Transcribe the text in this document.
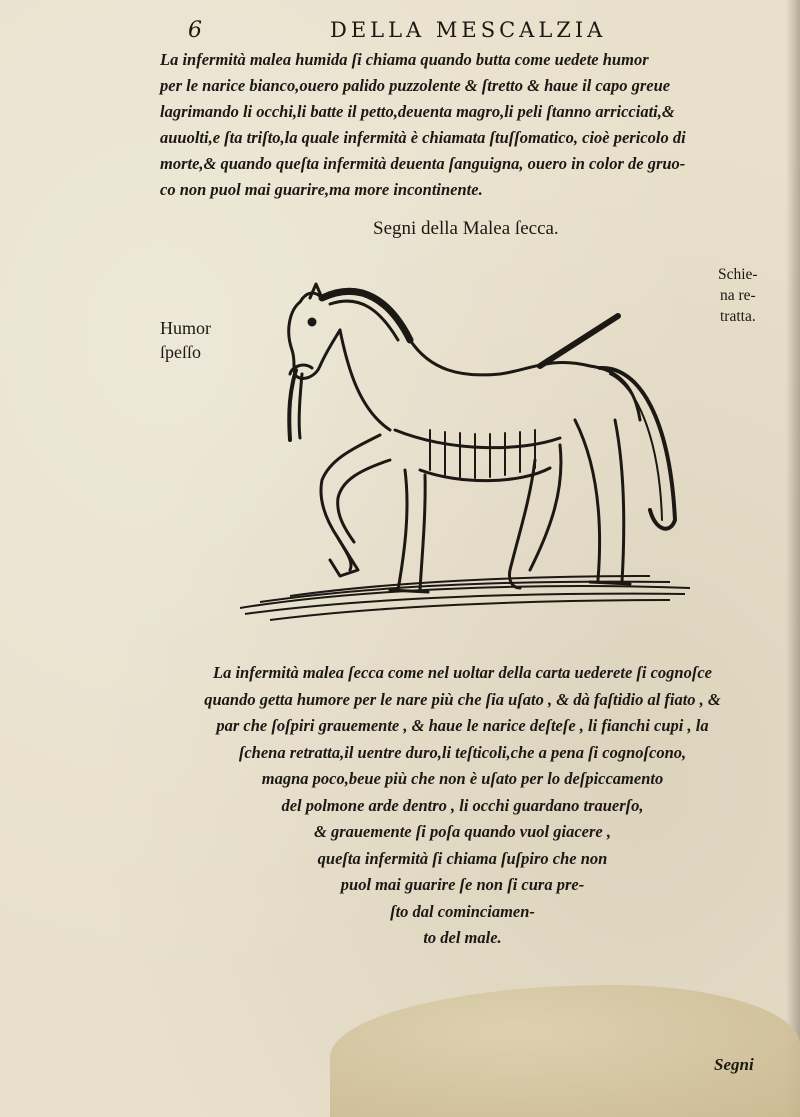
6	DELLA MESCALZIA
La infermità malea humida ſi chiama quando butta come uedete humor
per le narice bianco,ouero palido puzzolente & ſtretto & haue il capo greue
lagrimando li occhi,li batte il petto,deuenta magro,li peli ſtanno arricciati,&
auuolti,e ſta triſto,la quale infermità è chiamata ſtuſſomatico, cioè pericolo di
morte,& quando queſta infermità deuenta ſanguigna, ouero in color de gruo-
co non puol mai guarire,ma more incontinente.
Segni della Malea ſecca.
Humor
ſpeſſo
Schie-
na re-
tratta.
La infermità malea ſecca come nel uoltar della carta uederete ſi cognoſce
quando getta humore per le nare più che ſia uſato , & dà faſtidio al fiato , &
par che ſoſpiri grauemente , & haue le narice deſteſe , li fianchi cupi , la
ſchena retratta,il uentre duro,li teſticoli,che a pena ſi cognoſcono,
magna poco,beue più che non è uſato per lo deſpiccamento
del polmone arde dentro , li occhi guardano trauerſo,
& grauemente ſi poſa quando vuol giacere ,
queſta infermità ſi chiama ſuſpiro che non
puol mai guarire ſe non ſi cura pre-
ſto dal cominciamen-
to del male.
Segni
